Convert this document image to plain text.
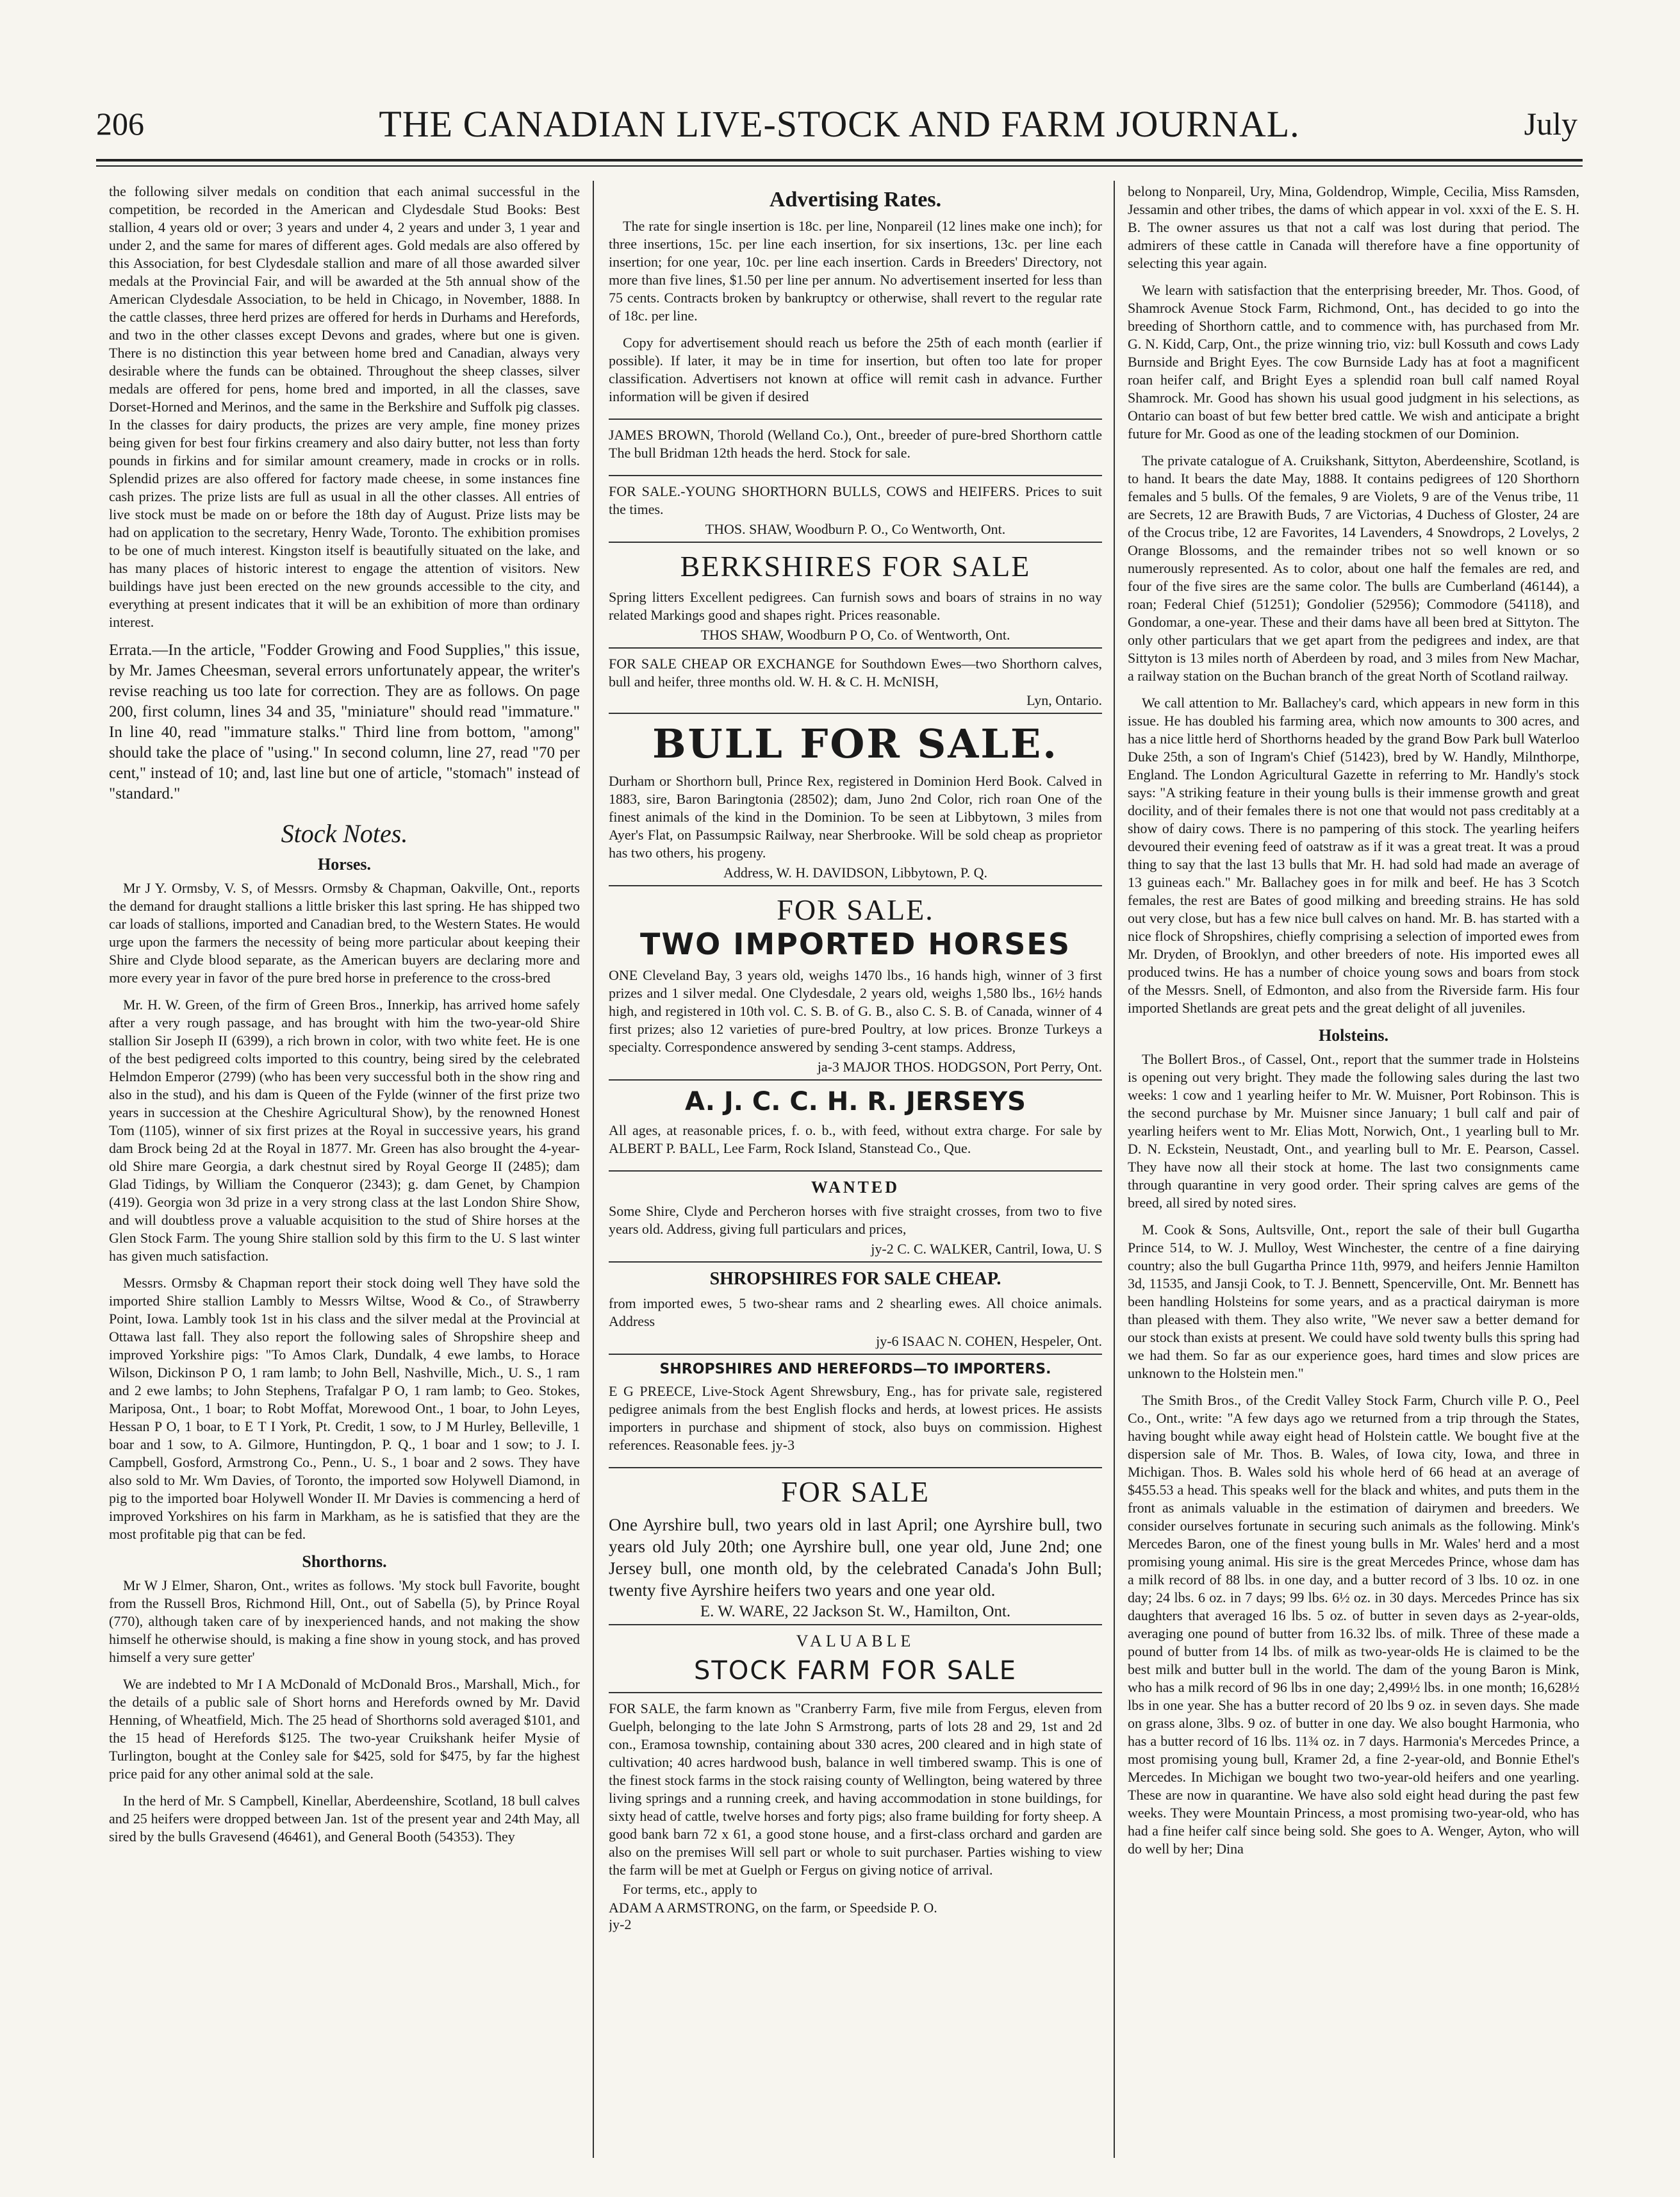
206	THE CANADIAN LIVE-STOCK AND FARM JOURNAL.	July

the following silver medals on condition that each animal successful in the competition, be recorded in the American and Clydesdale Stud Books: Best stallion, 4 years old or over; 3 years and under 4, 2 years and under 3, 1 year and under 2, and the same for mares of different ages. Gold medals are also offered by this Association, for best Clydesdale stallion and mare of all those awarded silver medals at the Provincial Fair, and will be awarded at the 5th annual show of the American Clydesdale Association, to be held in Chicago, in November, 1888. In the cattle classes, three herd prizes are offered for herds in Durhams and Herefords, and two in the other classes except Devons and grades, where but one is given. There is no distinction this year between home bred and Canadian, always very desirable where the funds can be obtained. Throughout the sheep classes, silver medals are offered for pens, home bred and imported, in all the classes, save Dorset-Horned and Merinos, and the same in the Berkshire and Suffolk pig classes. In the classes for dairy products, the prizes are very ample, fine money prizes being given for best four firkins creamery and also dairy butter, not less than forty pounds in firkins and for similar amount creamery, made in crocks or in rolls. Splendid prizes are also offered for factory made cheese, in some instances fine cash prizes. The prize lists are full as usual in all the other classes. All entries of live stock must be made on or before the 18th day of August. Prize lists may be had on application to the secretary, Henry Wade, Toronto. The exhibition promises to be one of much interest. Kingston itself is beautifully situated on the lake, and has many places of historic interest to engage the attention of visitors. New buildings have just been erected on the new grounds accessible to the city, and everything at present indicates that it will be an exhibition of more than ordinary interest.

Errata.—In the article, "Fodder Growing and Food Supplies," this issue, by Mr. James Cheesman, several errors unfortunately appear, the writer's revise reaching us too late for correction. They are as follows. On page 200, first column, lines 34 and 35, "miniature" should read "immature." In line 40, read "immature stalks." Third line from bottom, "among" should take the place of "using." In second column, line 27, read "70 per cent," instead of 10; and, last line but one of article, "stomach" instead of "standard."

Stock Notes.
Horses.

Mr J Y. Ormsby, V. S, of Messrs. Ormsby & Chapman, Oakville, Ont., reports the demand for draught stallions a little brisker this last spring. He has shipped two car loads of stallions, imported and Canadian bred, to the Western States. He would urge upon the farmers the necessity of being more particular about keeping their Shire and Clyde blood separate, as the American buyers are declaring more and more every year in favor of the pure bred horse in preference to the cross-bred

Mr. H. W. Green, of the firm of Green Bros., Innerkip, has arrived home safely after a very rough passage, and has brought with him the two-year-old Shire stallion Sir Joseph II (6399), a rich brown in color, with two white feet. He is one of the best pedigreed colts imported to this country, being sired by the celebrated Helmdon Emperor (2799) (who has been very successful both in the show ring and also in the stud), and his dam is Queen of the Fylde (winner of the first prize two years in succession at the Cheshire Agricultural Show), by the renowned Honest Tom (1105), winner of six first prizes at the Royal in successive years, his grand dam Brock being 2d at the Royal in 1877. Mr. Green has also brought the 4-year-old Shire mare Georgia, a dark chestnut sired by Royal George II (2485); dam Glad Tidings, by William the Conqueror (2343); g. dam Genet, by Champion (419). Georgia won 3d prize in a very strong class at the last London Shire Show, and will doubtless prove a valuable acquisition to the stud of Shire horses at the Glen Stock Farm. The young Shire stallion sold by this firm to the U. S last winter has given much satisfaction.

Messrs. Ormsby & Chapman report their stock doing well They have sold the imported Shire stallion Lambly to Messrs Wiltse, Wood & Co., of Strawberry Point, Iowa. Lambly took 1st in his class and the silver medal at the Provincial at Ottawa last fall. They also report the following sales of Shropshire sheep and improved Yorkshire pigs: "To Amos Clark, Dundalk, 4 ewe lambs, to Horace Wilson, Dickinson P O, 1 ram lamb; to John Bell, Nashville, Mich., U. S., 1 ram and 2 ewe lambs; to John Stephens, Trafalgar P O, 1 ram lamb; to Geo. Stokes, Mariposa, Ont., 1 boar; to Robt Moffat, Morewood Ont., 1 boar, to John Leyes, Hessan P O, 1 boar, to E T I York, Pt. Credit, 1 sow, to J M Hurley, Belleville, 1 boar and 1 sow, to A. Gilmore, Huntingdon, P. Q., 1 boar and 1 sow; to J. I. Campbell, Gosford, Armstrong Co., Penn., U. S., 1 boar and 2 sows. They have also sold to Mr. Wm Davies, of Toronto, the imported sow Holywell Diamond, in pig to the imported boar Holywell Wonder II. Mr Davies is commencing a herd of improved Yorkshires on his farm in Markham, as he is satisfied that they are the most profitable pig that can be fed.

Shorthorns.

Mr W J Elmer, Sharon, Ont., writes as follows. 'My stock bull Favorite, bought from the Russell Bros, Richmond Hill, Ont., out of Sabella (5), by Prince Royal (770), although taken care of by inexperienced hands, and not making the show himself he otherwise should, is making a fine show in young stock, and has proved himself a very sure getter'

We are indebted to Mr I A McDonald of McDonald Bros., Marshall, Mich., for the details of a public sale of Short horns and Herefords owned by Mr. David Henning, of Wheatfield, Mich. The 25 head of Shorthorns sold averaged $101, and the 15 head of Herefords $125. The two-year Cruikshank heifer Mysie of Turlington, bought at the Conley sale for $425, sold for $475, by far the highest price paid for any other animal sold at the sale.

In the herd of Mr. S Campbell, Kinellar, Aberdeenshire, Scotland, 18 bull calves and 25 heifers were dropped between Jan. 1st of the present year and 24th May, all sired by the bulls Gravesend (46461), and General Booth (54353). They

Advertising Rates.

The rate for single insertion is 18c. per line, Nonpareil (12 lines make one inch); for three insertions, 15c. per line each insertion, for six insertions, 13c. per line each insertion; for one year, 10c. per line each insertion. Cards in Breeders' Directory, not more than five lines, $1.50 per line per annum. No advertisement inserted for less than 75 cents. Contracts broken by bankruptcy or otherwise, shall revert to the regular rate of 18c. per line.

Copy for advertisement should reach us before the 25th of each month (earlier if possible). If later, it may be in time for insertion, but often too late for proper classification. Advertisers not known at office will remit cash in advance. Further information will be given if desired

JAMES BROWN, Thorold (Welland Co.), Ont., breeder of pure-bred Shorthorn cattle The bull Bridman 12th heads the herd. Stock for sale.

FOR SALE.-YOUNG SHORTHORN BULLS, COWS and HEIFERS. Prices to suit the times.

THOS. SHAW, Woodburn P. O., Co Wentworth, Ont.
BERKSHIRES FOR SALE

Spring litters Excellent pedigrees. Can furnish sows and boars of strains in no way related Markings good and shapes right. Prices reasonable.

THOS SHAW, Woodburn P O, Co. of Wentworth, Ont.

FOR SALE CHEAP OR EXCHANGE for Southdown Ewes—two Shorthorn calves, bull and heifer, three months old. W. H. & C. H. McNISH,

Lyn, Ontario.
BULL FOR SALE.

Durham or Shorthorn bull, Prince Rex, registered in Dominion Herd Book. Calved in 1883, sire, Baron Baringtonia (28502); dam, Juno 2nd Color, rich roan One of the finest animals of the kind in the Dominion. To be seen at Libbytown, 3 miles from Ayer's Flat, on Passumpsic Railway, near Sherbrooke. Will be sold cheap as proprietor has two others, his progeny.

Address, W. H. DAVIDSON, Libbytown, P. Q.
FOR SALE.
TWO IMPORTED HORSES

ONE Cleveland Bay, 3 years old, weighs 1470 lbs., 16 hands high, winner of 3 first prizes and 1 silver medal. One Clydesdale, 2 years old, weighs 1,580 lbs., 16½ hands high, and registered in 10th vol. C. S. B. of G. B., also C. S. B. of Canada, winner of 4 first prizes; also 12 varieties of pure-bred Poultry, at low prices. Bronze Turkeys a specialty. Correspondence answered by sending 3-cent stamps. Address,

ja-3 MAJOR THOS. HODGSON, Port Perry, Ont.
A. J. C. C. H. R. JERSEYS

All ages, at reasonable prices, f. o. b., with feed, without extra charge. For sale by ALBERT P. BALL, Lee Farm, Rock Island, Stanstead Co., Que.

WANTED

Some Shire, Clyde and Percheron horses with five straight crosses, from two to five years old. Address, giving full particulars and prices,

jy-2 C. C. WALKER, Cantril, Iowa, U. S
SHROPSHIRES FOR SALE CHEAP.

from imported ewes, 5 two-shear rams and 2 shearling ewes. All choice animals. Address

jy-6 ISAAC N. COHEN, Hespeler, Ont.
SHROPSHIRES AND HEREFORDS—TO IMPORTERS.

E G PREECE, Live-Stock Agent Shrewsbury, Eng., has for private sale, registered pedigree animals from the best English flocks and herds, at lowest prices. He assists importers in purchase and shipment of stock, also buys on commission. Highest references. Reasonable fees. jy-3

FOR SALE

One Ayrshire bull, two years old in last April; one Ayrshire bull, two years old July 20th; one Ayrshire bull, one year old, June 2nd; one Jersey bull, one month old, by the celebrated Canada's John Bull; twenty five Ayrshire heifers two years and one year old.

E. W. WARE, 22 Jackson St. W., Hamilton, Ont.
VALUABLE
STOCK FARM FOR SALE

FOR SALE, the farm known as "Cranberry Farm, five mile from Fergus, eleven from Guelph, belonging to the late John S Armstrong, parts of lots 28 and 29, 1st and 2d con., Eramosa township, containing about 330 acres, 200 cleared and in high state of cultivation; 40 acres hardwood bush, balance in well timbered swamp. This is one of the finest stock farms in the stock raising county of Wellington, being watered by three living springs and a running creek, and having accommodation in stone buildings, for sixty head of cattle, twelve horses and forty pigs; also frame building for forty sheep. A good bank barn 72 x 61, a good stone house, and a first-class orchard and garden are also on the premises Will sell part or whole to suit purchaser. Parties wishing to view the farm will be met at Guelph or Fergus on giving notice of arrival.

For terms, etc., apply to

ADAM A ARMSTRONG, on the farm, or Speedside P. O.
jy-2

belong to Nonpareil, Ury, Mina, Goldendrop, Wimple, Cecilia, Miss Ramsden, Jessamin and other tribes, the dams of which appear in vol. xxxi of the E. S. H. B. The owner assures us that not a calf was lost during that period. The admirers of these cattle in Canada will therefore have a fine opportunity of selecting this year again.

We learn with satisfaction that the enterprising breeder, Mr. Thos. Good, of Shamrock Avenue Stock Farm, Richmond, Ont., has decided to go into the breeding of Shorthorn cattle, and to commence with, has purchased from Mr. G. N. Kidd, Carp, Ont., the prize winning trio, viz: bull Kossuth and cows Lady Burnside and Bright Eyes. The cow Burnside Lady has at foot a magnificent roan heifer calf, and Bright Eyes a splendid roan bull calf named Royal Shamrock. Mr. Good has shown his usual good judgment in his selections, as Ontario can boast of but few better bred cattle. We wish and anticipate a bright future for Mr. Good as one of the leading stockmen of our Dominion.

The private catalogue of A. Cruikshank, Sittyton, Aberdeenshire, Scotland, is to hand. It bears the date May, 1888. It contains pedigrees of 120 Shorthorn females and 5 bulls. Of the females, 9 are Violets, 9 are of the Venus tribe, 11 are Secrets, 12 are Brawith Buds, 7 are Victorias, 4 Duchess of Gloster, 24 are of the Crocus tribe, 12 are Favorites, 14 Lavenders, 4 Snowdrops, 2 Lovelys, 2 Orange Blossoms, and the remainder tribes not so well known or so numerously represented. As to color, about one half the females are red, and four of the five sires are the same color. The bulls are Cumberland (46144), a roan; Federal Chief (51251); Gondolier (52956); Commodore (54118), and Gondomar, a one-year. These and their dams have all been bred at Sittyton. The only other particulars that we get apart from the pedigrees and index, are that Sittyton is 13 miles north of Aberdeen by road, and 3 miles from New Machar, a railway station on the Buchan branch of the great North of Scotland railway.

We call attention to Mr. Ballachey's card, which appears in new form in this issue. He has doubled his farming area, which now amounts to 300 acres, and has a nice little herd of Shorthorns headed by the grand Bow Park bull Waterloo Duke 25th, a son of Ingram's Chief (51423), bred by W. Handly, Milnthorpe, England. The London Agricultural Gazette in referring to Mr. Handly's stock says: "A striking feature in their young bulls is their immense growth and great docility, and of their females there is not one that would not pass creditably at a show of dairy cows. There is no pampering of this stock. The yearling heifers devoured their evening feed of oatstraw as if it was a great treat. It was a proud thing to say that the last 13 bulls that Mr. H. had sold had made an average of 13 guineas each." Mr. Ballachey goes in for milk and beef. He has 3 Scotch females, the rest are Bates of good milking and breeding strains. He has sold out very close, but has a few nice bull calves on hand. Mr. B. has started with a nice flock of Shropshires, chiefly comprising a selection of imported ewes from Mr. Dryden, of Brooklyn, and other breeders of note. His imported ewes all produced twins. He has a number of choice young sows and boars from stock of the Messrs. Snell, of Edmonton, and also from the Riverside farm. His four imported Shetlands are great pets and the great delight of all juveniles.

Holsteins.

The Bollert Bros., of Cassel, Ont., report that the summer trade in Holsteins is opening out very bright. They made the following sales during the last two weeks: 1 cow and 1 yearling heifer to Mr. W. Muisner, Port Robinson. This is the second purchase by Mr. Muisner since January; 1 bull calf and pair of yearling heifers went to Mr. Elias Mott, Norwich, Ont., 1 yearling bull to Mr. D. N. Eckstein, Neustadt, Ont., and yearling bull to Mr. E. Pearson, Cassel. They have now all their stock at home. The last two consignments came through quarantine in very good order. Their spring calves are gems of the breed, all sired by noted sires.

M. Cook & Sons, Aultsville, Ont., report the sale of their bull Gugartha Prince 514, to W. J. Mulloy, West Winchester, the centre of a fine dairying country; also the bull Gugartha Prince 11th, 9979, and heifers Jennie Hamilton 3d, 11535, and Jansji Cook, to T. J. Bennett, Spencerville, Ont. Mr. Bennett has been handling Holsteins for some years, and as a practical dairyman is more than pleased with them. They also write, "We never saw a better demand for our stock than exists at present. We could have sold twenty bulls this spring had we had them. So far as our experience goes, hard times and slow prices are unknown to the Holstein men."

The Smith Bros., of the Credit Valley Stock Farm, Church ville P. O., Peel Co., Ont., write: "A few days ago we returned from a trip through the States, having bought while away eight head of Holstein cattle. We bought five at the dispersion sale of Mr. Thos. B. Wales, of Iowa city, Iowa, and three in Michigan. Thos. B. Wales sold his whole herd of 66 head at an average of $455.53 a head. This speaks well for the black and whites, and puts them in the front as animals valuable in the estimation of dairymen and breeders. We consider ourselves fortunate in securing such animals as the following. Mink's Mercedes Baron, one of the finest young bulls in Mr. Wales' herd and a most promising young animal. His sire is the great Mercedes Prince, whose dam has a milk record of 88 lbs. in one day, and a butter record of 3 lbs. 10 oz. in one day; 24 lbs. 6 oz. in 7 days; 99 lbs. 6½ oz. in 30 days. Mercedes Prince has six daughters that averaged 16 lbs. 5 oz. of butter in seven days as 2-year-olds, averaging one pound of butter from 16.32 lbs. of milk. Three of these made a pound of butter from 14 lbs. of milk as two-year-olds He is claimed to be the best milk and butter bull in the world. The dam of the young Baron is Mink, who has a milk record of 96 lbs in one day; 2,499½ lbs. in one month; 16,628½ lbs in one year. She has a butter record of 20 lbs 9 oz. in seven days. She made on grass alone, 3lbs. 9 oz. of butter in one day. We also bought Harmonia, who has a butter record of 16 lbs. 11¾ oz. in 7 days. Harmonia's Mercedes Prince, a most promising young bull, Kramer 2d, a fine 2-year-old, and Bonnie Ethel's Mercedes. In Michigan we bought two two-year-old heifers and one yearling. These are now in quarantine. We have also sold eight head during the past few weeks. They were Mountain Princess, a most promising two-year-old, who has had a fine heifer calf since being sold. She goes to A. Wenger, Ayton, who will do well by her; Dina
